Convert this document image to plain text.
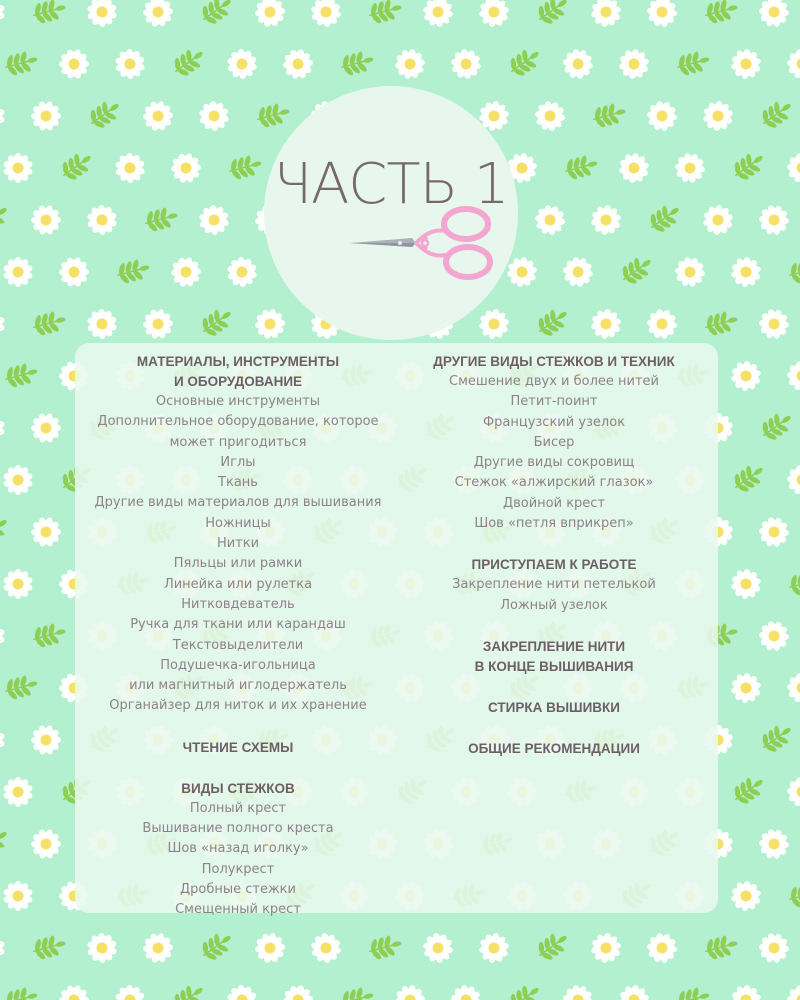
ЧАСТЬ 1
МАТЕРИАЛЫ, ИНСТРУМЕНТЫ
И ОБОРУДОВАНИЕ
Основные инструменты
Дополнительное оборудование, которое
может пригодиться
Иглы
Ткань
Другие виды материалов для вышивания
Ножницы
Нитки
Пяльцы или рамки
Линейка или рулетка
Нитковдеватель
Ручка для ткани или карандаш
Текстовыделители
Подушечка-игольница
или магнитный иглодержатель
Органайзер для ниток и их хранение
ЧТЕНИЕ СХЕМЫ
ВИДЫ СТЕЖКОВ
Полный крест
Вышивание полного креста
Шов «назад иголку»
Полукрест
Дробные стежки
Смещенный крест
ДРУГИЕ ВИДЫ СТЕЖКОВ И ТЕХНИК
Смешение двух и более нитей
Петит-поинт
Французский узелок
Бисер
Другие виды сокровищ
Стежок «алжирский глазок»
Двойной крест
Шов «петля вприкреп»
ПРИСТУПАЕМ К РАБОТЕ
Закрепление нити петелькой
Ложный узелок
ЗАКРЕПЛЕНИЕ НИТИ
В КОНЦЕ ВЫШИВАНИЯ
СТИРКА ВЫШИВКИ
ОБЩИЕ РЕКОМЕНДАЦИИ
